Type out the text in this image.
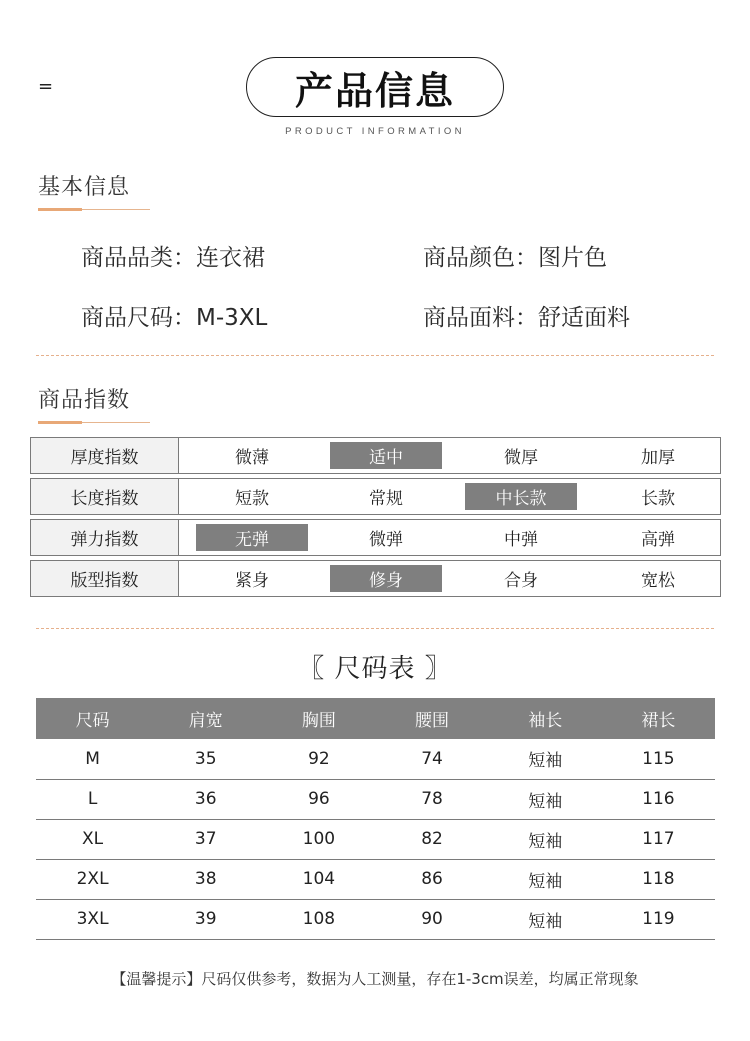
=	产品信息
PRODUCT INFORMATION
基本信息
商品品类：连衣裙	商品颜色：图片色
商品尺码：M-3XL	商品面料：舒适面料
商品指数
厚度指数	微薄	适中	微厚	加厚
长度指数	短款	常规	中长款	长款
弹力指数	无弹	微弹	中弹	高弹
版型指数	紧身	修身	合身	宽松
〖 尺码表 〗
尺码	肩宽	胸围	腰围	袖长	裙长
M	35	92	74	短袖	115
L	36	96	78	短袖	116
XL	37	100	82	短袖	117
2XL	38	104	86	短袖	118
3XL	39	108	90	短袖	119
【温馨提示】尺码仅供参考，数据为人工测量，存在1-3cm误差，均属正常现象
